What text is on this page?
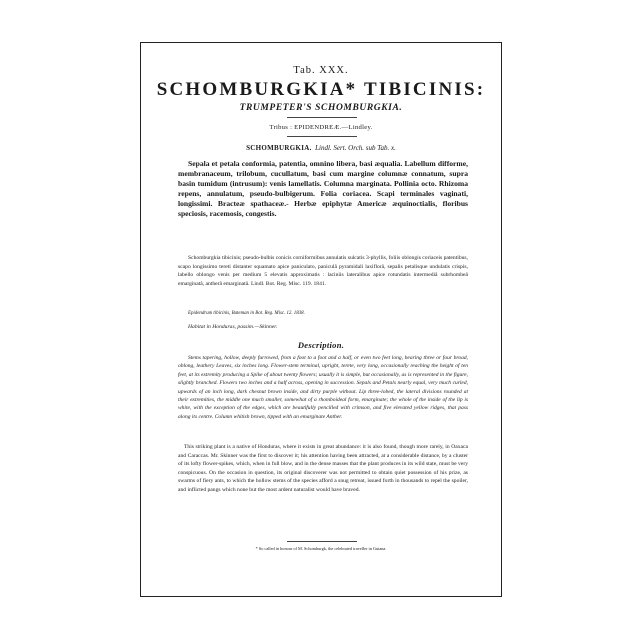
Tab. XXX.
SCHOMBURGKIA* TIBICINIS:
TRUMPETER'S SCHOMBURGKIA.
Tribus : EPIDENDREÆ.—Lindley.
SCHOMBURGKIA. Lindl. Sert. Orch. sub Tab. x.

Sepala et petala conformia, patentia, omnino libera, basi æqualia. Labellum difforme, membranaceum, trilobum, cucullatum, basi cum margine columnæ connatum, supra basin tumidum (intrusum): venis lamellatis. Columna marginata. Pollinia octo. Rhizoma repens, annulatum, pseudo-bulbigerum. Folia coriacea. Scapi terminales vaginati, longissimi. Bracteæ spathaceæ.- Herbæ epiphytæ Americæ æquinoctialis, floribus speciosis, racemosis, congestis.

Schomburgkia tibicinis; pseudo-bulbis conicis corniformibus annulatis sulcatis 3-phyllis, foliis oblongis coriaceis patentibus, scapo longissimo tereti distanter squamato apice paniculato, paniculâ pyramidali laxiflorâ, sepalis petalisque undulatis crispis, labello oblongo venis per medium 5 elevatis approximatis : laciniis lateralibus apice rotundatis intermediâ subrhombeâ emarginatâ, antherâ emarginatâ. Lindl. Bot. Reg. Misc. 119. 1841.

Epidendrum tibicinis, Bateman in Bot. Reg. Misc. 12. 1838.
Habitat in Honduras, passim.—Skinner.
Description.

Stems tapering, hollow, deeply furrowed, from a foot to a foot and a half, or even two feet long, bearing three or four broad, oblong, leathery Leaves, six inches long. Flower-stem terminal, upright, terete, very long, occasionally reaching the height of ten feet, at its extremity producing a Spike of about twenty flowers; usually it is simple, but occasionally, as is represented in the figure, slightly branched. Flowers two inches and a half across, opening in succession. Sepals and Petals nearly equal, very much curled, upwards of an inch long, dark chesnut brown inside, and dirty purple without. Lip three-lobed, the lateral divisions rounded at their extremities, the middle one much smaller, somewhat of a rhomboideal form, emarginate; the whole of the inside of the lip is white, with the exception of the edges, which are beautifully pencilled with crimson, and five elevated yellow ridges, that pass along its centre. Column whitish brown, tipped with an emarginate Anther.

This striking plant is a native of Honduras, where it exists in great abundance: it is also found, though more rarely, in Oaxaca and Caraccas. Mr. Skinner was the first to discover it; his attention having been attracted, at a considerable distance, by a cluster of its lofty flower-spikes, which, when in full blow, and in the dense masses that the plant produces in its wild state, must be very conspicuous. On the occasion in question, its original discoverer was not permitted to obtain quiet possession of his prize, as swarms of fiery ants, to which the hollow stems of the species afford a snug retreat, issued forth in thousands to repel the spoiler, and inflicted pangs which none but the most ardent naturalist would have braved.

* So called in honour of M. Schomburgk, the celebrated traveller in Guiana.
